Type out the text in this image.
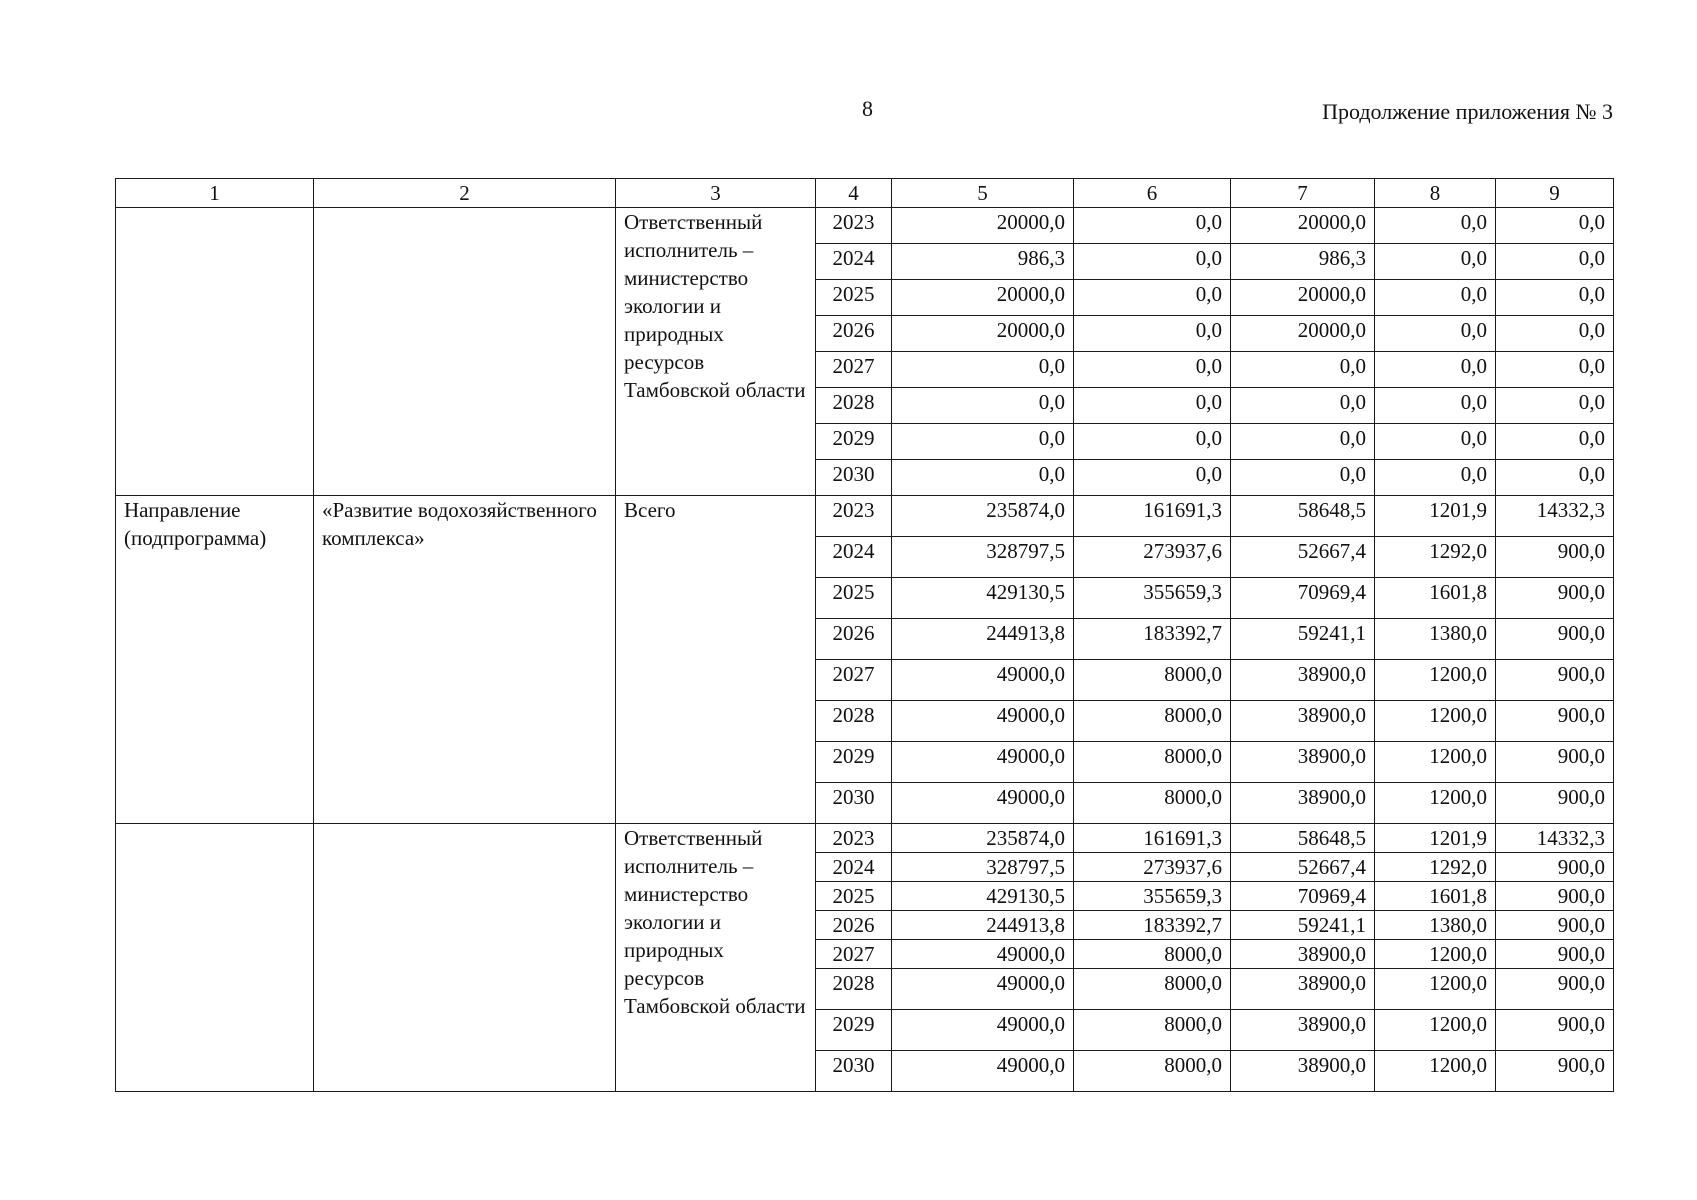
8	Продолжение приложения № 3
1	2	3	4	5	6	7	8	9
		Ответственный исполнитель – министерство экологии и природных ресурсов Тамбовской области	2023	20000,0	0,0	20000,0	0,0	0,0
			2024	986,3	0,0	986,3	0,0	0,0
			2025	20000,0	0,0	20000,0	0,0	0,0
			2026	20000,0	0,0	20000,0	0,0	0,0
			2027	0,0	0,0	0,0	0,0	0,0
			2028	0,0	0,0	0,0	0,0	0,0
			2029	0,0	0,0	0,0	0,0	0,0
			2030	0,0	0,0	0,0	0,0	0,0
Направление (подпрограмма)	«Развитие водохозяйственного комплекса»	Всего	2023	235874,0	161691,3	58648,5	1201,9	14332,3
			2024	328797,5	273937,6	52667,4	1292,0	900,0
			2025	429130,5	355659,3	70969,4	1601,8	900,0
			2026	244913,8	183392,7	59241,1	1380,0	900,0
			2027	49000,0	8000,0	38900,0	1200,0	900,0
			2028	49000,0	8000,0	38900,0	1200,0	900,0
			2029	49000,0	8000,0	38900,0	1200,0	900,0
			2030	49000,0	8000,0	38900,0	1200,0	900,0
		Ответственный исполнитель – министерство экологии и природных ресурсов Тамбовской области	2023	235874,0	161691,3	58648,5	1201,9	14332,3
			2024	328797,5	273937,6	52667,4	1292,0	900,0
			2025	429130,5	355659,3	70969,4	1601,8	900,0
			2026	244913,8	183392,7	59241,1	1380,0	900,0
			2027	49000,0	8000,0	38900,0	1200,0	900,0
			2028	49000,0	8000,0	38900,0	1200,0	900,0
			2029	49000,0	8000,0	38900,0	1200,0	900,0
			2030	49000,0	8000,0	38900,0	1200,0	900,0
